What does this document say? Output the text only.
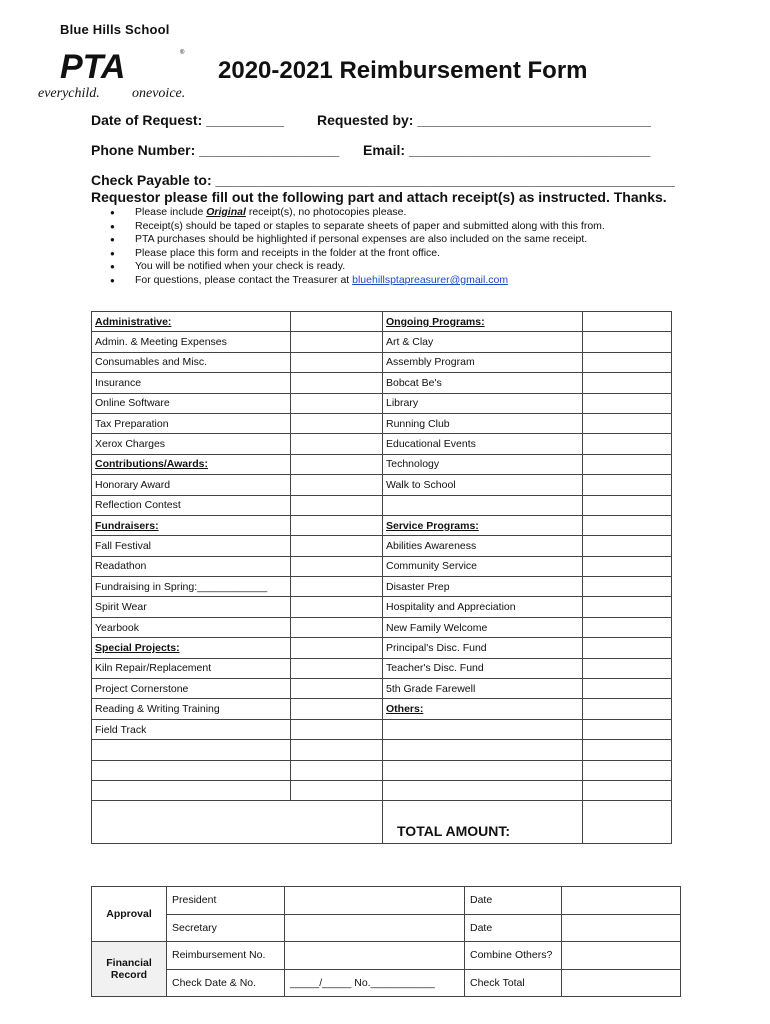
Blue Hills School
PTA	®
everychild. onevoice.
2020-2021 Reimbursement Form
Date of Request: __________ Requested by: ______________________________
Phone Number: __________________ Email: _______________________________
Check Payable to: ___________________________________________________________
Requestor please fill out the following part and attach receipt(s) as instructed. Thanks.
● Please include Original receipt(s), no photocopies please.
● Receipt(s) should be taped or staples to separate sheets of paper and submitted along with this from.
● PTA purchases should be highlighted if personal expenses are also included on the same receipt.
● Please place this form and receipts in the folder at the front office.
● You will be notified when your check is ready.
● For questions, please contact the Treasurer at bluehillsptapreasurer@gmail.com
Administrative:		Ongoing Programs:	
Admin. & Meeting Expenses		Art & Clay	
Consumables and Misc.		Assembly Program	
Insurance		Bobcat Be's	
Online Software		Library	
Tax Preparation		Running Club	
Xerox Charges		Educational Events	
Contributions/Awards:		Technology	
Honorary Award		Walk to School	
Reflection Contest			
Fundraisers:		Service Programs:	
Fall Festival		Abilities Awareness	
Readathon		Community Service	
Fundraising in Spring:____________		Disaster Prep	
Spirit Wear		Hospitality and Appreciation	
Yearbook		New Family Welcome	
Special Projects:		Principal's Disc. Fund	
Kiln Repair/Replacement		Teacher's Disc. Fund	
Project Cornerstone		5th Grade Farewell	
Reading & Writing Training		Others:	
Field Track			

		TOTAL AMOUNT:	
Approval	President		Date	
	Secretary		Date	
Financial
Record	Reimbursement No.		Combine Others?	
	Check Date & No.	_____/_____ No.___________	Check Total	
